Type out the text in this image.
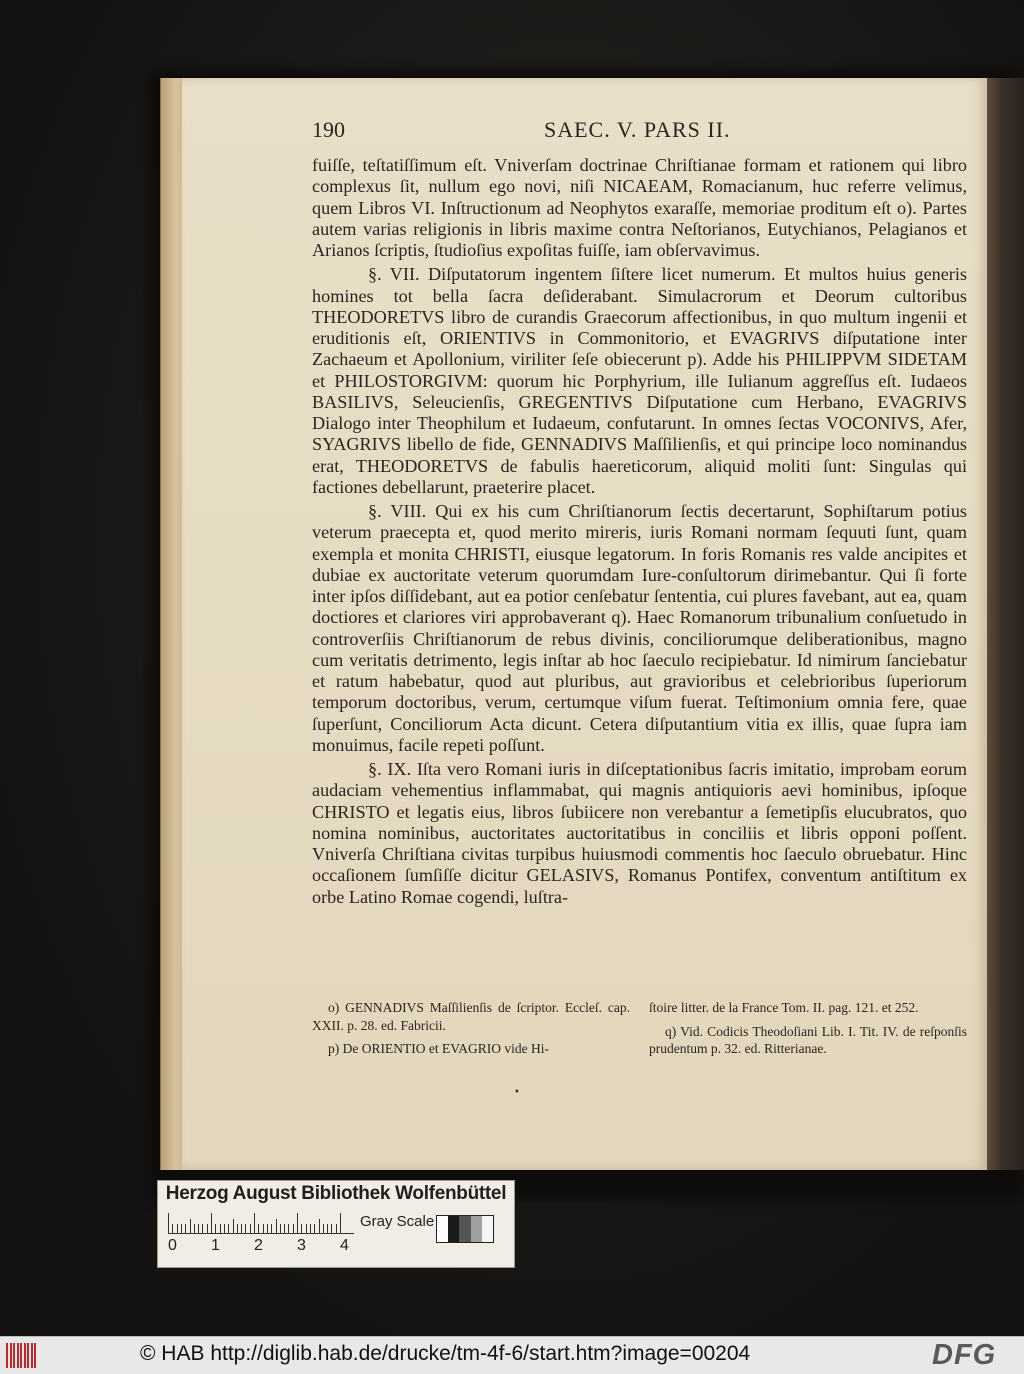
190	SAEC. V. PARS II.

fuiſſe, teſtatiſſimum eſt. Vniverſam doctrinae Chriſtianae formam et rationem qui libro complexus ſit, nullum ego novi, niſi NICAEAM, Romacianum, huc referre velimus, quem Libros VI. Inſtructionum ad Neophytos exaraſſe, memoriae proditum eſt o). Partes autem varias religionis in libris maxime contra Neſtorianos, Eutychianos, Pelagianos et Arianos ſcriptis, ſtudioſius expoſitas fuiſſe, iam obſervavimus.

§. VII. Diſputatorum ingentem ſiſtere licet numerum. Et multos huius generis homines tot bella ſacra deſiderabant. Simulacrorum et Deorum cultoribus THEODORETVS libro de curandis Graecorum affectionibus, in quo multum ingenii et eruditionis eſt, ORIENTIVS in Commonitorio, et EVAGRIVS diſputatione inter Zachaeum et Apollonium, viriliter ſeſe obiecerunt p). Adde his PHILIPPVM SIDETAM et PHILOSTORGIVM: quorum hic Porphyrium, ille Iulianum aggreſſus eſt. Iudaeos BASILIVS, Seleucienſis, GREGENTIVS Diſputatione cum Herbano, EVAGRIVS Dialogo inter Theophilum et Iudaeum, confutarunt. In omnes ſectas VOCONIVS, Afer, SYAGRIVS libello de fide, GENNADIVS Maſſilienſis, et qui principe loco nominandus erat, THEODORETVS de fabulis haereticorum, aliquid moliti ſunt: Singulas qui factiones debellarunt, praeterire placet.

§. VIII. Qui ex his cum Chriſtianorum ſectis decertarunt, Sophiſtarum potius veterum praecepta et, quod merito mireris, iuris Romani normam ſequuti ſunt, quam exempla et monita CHRISTI, eiusque legatorum. In foris Romanis res valde ancipites et dubiae ex auctoritate veterum quorumdam Iure-conſultorum dirimebantur. Qui ſi forte inter ipſos diſſidebant, aut ea potior cenſebatur ſententia, cui plures favebant, aut ea, quam doctiores et clariores viri approbaverant q). Haec Romanorum tribunalium conſuetudo in controverſiis Chriſtianorum de rebus divinis, conciliorumque deliberationibus, magno cum veritatis detrimento, legis inſtar ab hoc ſaeculo recipiebatur. Id nimirum ſanciebatur et ratum habebatur, quod aut pluribus, aut gravioribus et celebrioribus ſuperiorum temporum doctoribus, verum, certumque viſum fuerat. Teſtimonium omnia fere, quae ſuperſunt, Conciliorum Acta dicunt. Cetera diſputantium vitia ex illis, quae ſupra iam monuimus, facile repeti poſſunt.

§. IX. Iſta vero Romani iuris in diſceptationibus ſacris imitatio, improbam eorum audaciam vehementius inflammabat, qui magnis antiquioris aevi hominibus, ipſoque CHRISTO et legatis eius, libros ſubiicere non verebantur a ſemetipſis elucubratos, quo nomina nominibus, auctoritates auctoritatibus in conciliis et libris opponi poſſent. Vniverſa Chriſtiana civitas turpibus huiusmodi commentis hoc ſaeculo obruebatur. Hinc occaſionem ſumſiſſe dicitur GELASIVS, Romanus Pontifex, conventum antiſtitum ex orbe Latino Romae cogendi, luſtra-

o) GENNADIVS Maſſilienſis de ſcriptor. Eccleſ. cap. XXII. p. 28. ed. Fabricii.

p) De ORIENTIO et EVAGRIO vide Hi-

ſtoire litter. de la France Tom. II. pag. 121. et 252.

q) Vid. Codicis Theodoſiani Lib. I. Tit. IV. de reſponſis prudentum p. 32. ed. Ritterianae.

•
Herzog August Bibliothek Wolfenbüttel
0 1 2 3 4
Gray Scale
© HAB http://diglib.hab.de/drucke/tm-4f-6/start.htm?image=00204	DFG
